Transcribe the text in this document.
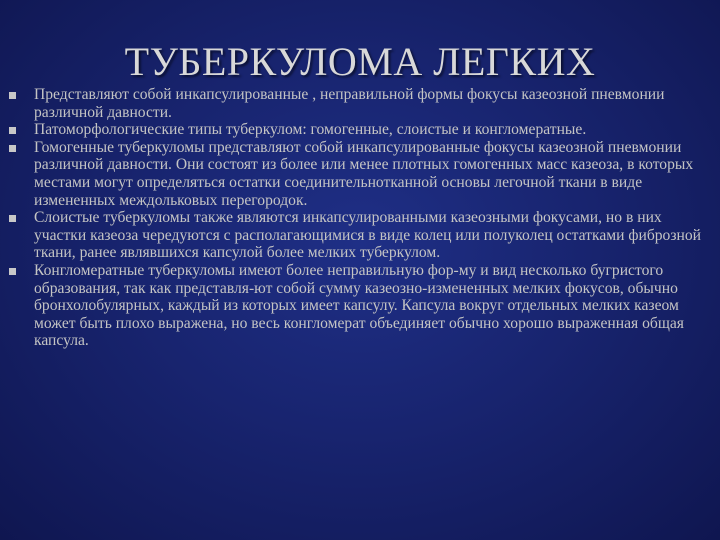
ТУБЕРКУЛОМА ЛЕГКИХ
Представляют собой инкапсулированные , неправильной формы фокусы казеозной пневмонии различной давности.
Патоморфологические типы туберкулом: гомогенные, слоистые и конгломератные.
Гомогенные туберкуломы представляют собой инкапсулированные фокусы казеозной пневмонии различной давности. Они состоят из более или менее плотных гомогенных масс казеоза, в которых местами могут определяться остатки соединительнотканной основы легочной ткани в виде измененных междольковых перегородок.
Слоистые туберкуломы также являются инкапсулированными казеозными фокусами, но в них участки казеоза чередуются с располагающимися в виде колец или полуколец остатками фиброзной ткани, ранее являвшихся капсулой более мелких туберкулом.
Конгломератные туберкуломы имеют более неправильную фор-му и вид несколько бугристого образования, так как представля-ют собой сумму казеозно-измененных мелких фокусов, обычно бронхолобулярных, каждый из которых имеет капсулу. Капсула вокруг отдельных мелких казеом может быть плохо выражена, но весь конгломерат объединяет обычно хорошо выраженная общая капсула.
